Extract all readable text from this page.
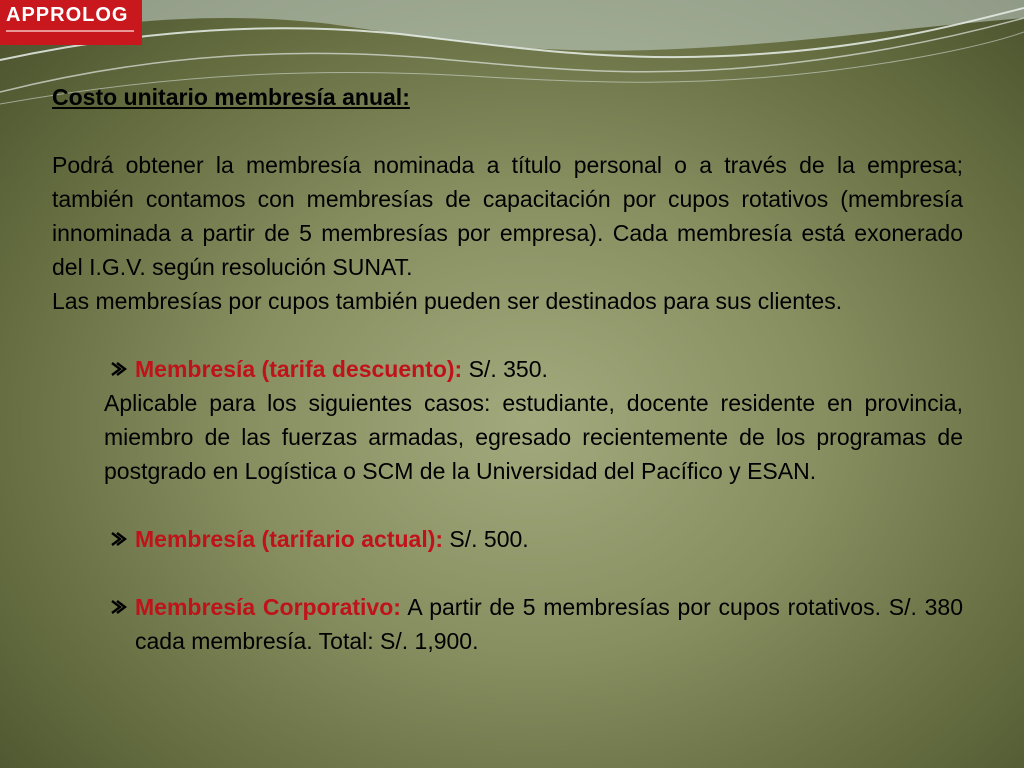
APPROLOG

Costo unitario membresía anual:

Podrá obtener la membresía nominada a título personal o a través de la empresa; también contamos con membresías de capacitación por cupos rotativos (membresía innominada a partir de 5 membresías por empresa). Cada membresía está exonerado del I.G.V. según resolución SUNAT.

Las membresías por cupos también pueden ser destinados para sus clientes.

Membresía (tarifa descuento): S/. 350.

Aplicable para los siguientes casos: estudiante, docente residente en provincia, miembro de las fuerzas armadas, egresado recientemente de los programas de postgrado en Logística o SCM de la Universidad del Pacífico y ESAN.

Membresía (tarifario actual): S/. 500.

Membresía Corporativo: A partir de 5 membresías por cupos rotativos. S/. 380 cada membresía. Total: S/. 1,900.
